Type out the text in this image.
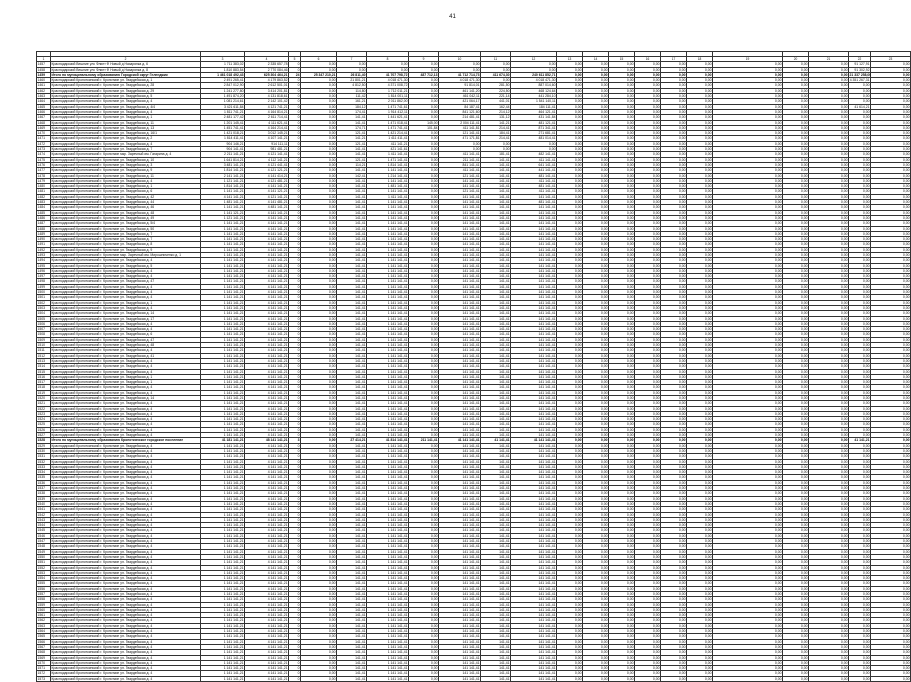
41

1	2	3	4	5	6	7	8	9	10	11	12	13	14	15	16	17	18	19	20	21	22	23	
1457	Краснодарский Вешние улс Флинт Ф Новый д Назарянка д. 6	1 711 383,02	2 335 657,78	0	0,00	0,00	0,00	0,00	0,00	0,00	0,00	0,00	0,00	0,00	0,00	0,00	0,00	0,00	0,00	0,00	91 127,91	0,00	
1458	Краснодарский Вешние улс Флинт Ф Новый д Назарянка д. 8	1 810 883,54	2 770 084,46	0	0,00	0,00	0,00	0,00	0,00	0,00	0,00	0,00	0,00	0,00	0,00	0,00	0,00	0,00	0,00	0,00	91 302,92	0,00	
1459	Итого по муниципальному образованию Городской округ Геленджик	1 461 018 492,43	625 304 464,21	24	25 347 210,21	26 811,40	41 707 798,72	487 712,13	41 712 714,73	411 674,30	240 611 852,71	0,00	0,00	0,00	0,00	0,00	0,00	0,00	0,00	0,00	21 337 258,00	0,00	
1460	Краснодарский Кропоткинский г. Кропоткин ул. Гвардейская д. 1	2 491 265,41	4 179 863,52	0	0,00	21 801,21	4 018 471,30	0,00	4 018 471,30	0,00	4 018 471,30	0,00	0,00	0,00	0,00	0,00	0,00	0,00	0,00	0,00	4 351 267,31	0,00	
1461	Краснодарский Кропоткинский г. Кропоткин ул. Гвардейская д. 28	2 847 012,90	2 612 501,01	0	0,00	4 812,50	4 371 008,72	0,00	91 814,01	281,50	887 014,60	0,00	0,00	0,00	0,00	0,00	0,00	0,00	0,00	0,00	0,00	0,00	
1462	Краснодарский Кропоткинский г. Кропоткин ул. Гвардейская д. 29	1 241 277,80	3 414 201,81	0	0,00	114,80	1 712 011,21	0,00	461 141,20	224,50	468 124,64	0,00	0,00	0,00	0,00	0,00	0,00	0,00	0,00	0,00	0,00	0,00	
1463	Краснодарский Кропоткинский г. Кропоткин ул. Гвардейская д. 5	1 491 874,20	4 131 818,61	0	0,00	111,42	1 814 001,11	0,00	461 042,11	221,14	441 284,10	0,00	0,00	0,00	0,00	0,00	0,00	0,00	0,00	0,00	0,00	0,00	
1464	Краснодарский Кропоткинский г. Кропоткин ул. Гвардейская д. 4	1 081 214,61	2 142 101,42	0	0,00	161,21	2 011 862,00	0,00	421 064,17	441,01	1 541 140,11	0,00	0,00	0,00	0,00	0,00	0,00	0,00	0,00	0,00	0,00	0,00	
1465	Краснодарский Кропоткинский г. Кропоткин ул. Гвардейская д. 4/4	3 421 611,84	4 121 741,21	0	0,00	184,12	1 471 741,61	0,00	84 187,41	162,44	184 111,41	0,00	0,00	0,00	0,00	0,00	0,00	0,00	0,00	0,00	41 614,21	0,00	
1466	Краснодарский Кропоткинский г. Кропоткин ул. Гвардейская д. 4	1 811 741,21	4 164 814,21	0	0,00	174,41	1 914 412,11	0,00	841 121,60	214,12	464 121,41	0,00	0,00	0,00	0,00	0,00	0,00	0,00	0,00	0,00	0,00	0,00	
1467	Краснодарский Кропоткинский г. Кропоткин ул. Гвардейская д. 1	2 481 177,42	2 611 714,41	0	0,00	141,41	1 441 621,41	0,00	214 481,41	131,12	431 141,84	0,00	0,00	0,00	0,00	0,00	0,00	0,00	0,00	0,00	0,00	0,00	
1468	Краснодарский Кропоткинский г. Кропоткин ул. Гвардейская д. 11	1 201 145,41	4 111 621,41	0	0,00	141,41	1 471 018,41	145,00	2 004 111,41	141,21	481 121,41	0,00	0,00	0,00	0,00	0,00	0,00	0,00	0,00	0,00	0,00	0,00	
1469	Краснодарский Кропоткинский г. Кропоткин ул. Гвардейская д. 13	1 451 741,41	4 164 214,41	0	0,00	174,71	1 471 741,41	101,84	411 141,81	214,41	871 341,41	0,00	0,00	0,00	0,00	0,00	0,00	0,00	0,00	0,00	0,00	0,00	
1470	Краснодарский Кропоткинский г. Кропоткин ул. Гвардейская д. 16/1	1 421 018,21	3 012 145,21	0	0,00	121,41	1 421 214,41	0,00	121 141,41	184,41	271 681,41	0,00	0,00	0,00	0,00	0,00	0,00	0,00	0,00	0,00	0,00	0,00	
1471	Краснодарский Кропоткинский г. Кропоткин ул. Гвардейская д. 2	1 814 411,41	4 107 141,21	0	0,00	141,21	1 411 411,41	0,00	471 171,81	214,41	481 014,41	0,00	0,00	0,00	0,00	0,00	0,00	0,00	0,00	0,00	0,00	0,00	
1472	Краснодарский Кропоткинский г. Кропоткин ул. Гвардейская д. 4	904 146,21	914 111,11	0	0,00	121,41	411 141,21	0,00	0,00	0,00	0,00	0,00	0,00	0,00	0,00	0,00	0,00	0,00	0,00	0,00	0,00	0,00	
1473	Краснодарский Кропоткинский г. Кропоткин ул. Гвардейская д. 7	904 141,41	981 481,21	0	0,00	141,41	421 141,61	0,00	0,00	0,00	0,00	0,00	0,00	0,00	0,00	0,00	0,00	0,00	0,00	0,00	0,00	0,00	
1474	Краснодарский Кропоткинский г. Кропоткин мкр. Заречный им. Гагарина д. 4	2 211 141,21	4 121 141,41	0	0,00	141,41	1 411 141,41	0,00	411 141,41	181,41	482 141,41	0,00	0,00	0,00	0,00	0,00	0,00	0,00	0,00	0,00	0,00	0,00	
1475	Краснодарский Кропоткинский г. Кропоткин ул. Гвардейская д. 10	1 641 814,21	4 112 141,21	0	0,00	121,41	1 471 141,41	0,00	211 141,41	141,41	411 141,41	0,00	0,00	0,00	0,00	0,00	0,00	0,00	0,00	0,00	0,00	0,00	
1476	Краснодарский Кропоткинский г. Кропоткин ул. Гвардейская д. 3	3 481 141,21	4 121 441,41	0	0,00	114,21	1 814 141,41	0,00	841 141,41	141,41	641 141,41	0,00	0,00	0,00	0,00	0,00	0,00	0,00	0,00	0,00	0,00	0,00	
1477	Краснодарский Кропоткинский г. Кропоткин ул. Гвардейская д. 9	1 814 141,21	4 121 121,21	0	0,00	141,41	1 141 141,41	0,00	411 141,41	141,41	441 141,41	0,00	0,00	0,00	0,00	0,00	0,00	0,00	0,00	0,00	0,00	0,00	
1478	Краснодарский Кропоткинский г. Кропоткин ул. Гвардейская д. 11	2 141 141,21	4 141 414,21	0	0,00	142,41	1 214 141,41	0,00	121 141,41	141,41	481 141,41	0,00	0,00	0,00	0,00	0,00	0,00	0,00	0,00	0,00	0,00	0,00	
1479	Краснодарский Кропоткинский г. Кропоткин ул. Гвардейская д. 4	1 121 141,21	4 121 481,21	0	0,00	141,41	1 141 141,41	0,00	141 141,41	141,41	411 141,41	0,00	0,00	0,00	0,00	0,00	0,00	0,00	0,00	0,00	0,00	0,00	
1480	Краснодарский Кропоткинский г. Кропоткин ул. Гвардейская д. 1	1 814 141,21	4 141 141,21	0	0,00	141,41	1 481 141,41	0,00	141 141,41	141,41	481 141,41	0,00	0,00	0,00	0,00	0,00	0,00	0,00	0,00	0,00	0,00	0,00	
1481	Краснодарский Кропоткинский г. Кропоткин ул. Гвардейская д. 6	1 141 141,21	4 141 121,21	0	0,00	141,41	1 141 141,41	0,00	121 141,41	141,41	411 141,41	0,00	0,00	0,00	0,00	0,00	0,00	0,00	0,00	0,00	0,00	0,00	
1482	Краснодарский Кропоткинский г. Кропоткин ул. Гвардейская д. 42	4 141 141,21	4 121 141,21	0	0,00	141,41	1 411 141,41	0,00	141 141,41	141,41	141 141,41	0,00	0,00	0,00	0,00	0,00	0,00	0,00	0,00	0,00	0,00	0,00	
1483	Краснодарский Кропоткинский г. Кропоткин ул. Гвардейская д. 44	1 481 141,21	4 141 481,21	0	0,00	141,41	1 141 141,41	0,00	141 141,41	141,41	481 141,41	0,00	0,00	0,00	0,00	0,00	0,00	0,00	0,00	0,00	0,00	0,00	
1484	Краснодарский Кропоткинский г. Кропоткин ул. Гвардейская д. 46	1 141 141,21	4 481 141,21	0	0,00	141,41	1 141 141,41	0,00	141 141,41	141,41	141 141,41	0,00	0,00	0,00	0,00	0,00	0,00	0,00	0,00	0,00	0,00	0,00	
1485	Краснодарский Кропоткинский г. Кропоткин ул. Гвардейская д. 48	1 141 121,21	4 141 141,21	0	0,00	141,41	1 141 141,41	0,00	141 141,41	141,41	141 141,41	0,00	0,00	0,00	0,00	0,00	0,00	0,00	0,00	0,00	0,00	0,00	
1486	Краснодарский Кропоткинский г. Кропоткин ул. Гвардейская д. 49	1 121 141,21	4 141 141,21	0	0,00	141,41	1 141 141,41	0,00	141 141,41	141,41	141 141,41	0,00	0,00	0,00	0,00	0,00	0,00	0,00	0,00	0,00	0,00	0,00	
1487	Краснодарский Кропоткинский г. Кропоткин ул. Гвардейская д. 5/4	1 141 141,21	4 141 141,21	0	0,00	141,41	1 141 141,41	0,00	141 141,41	141,41	141 141,41	0,00	0,00	0,00	0,00	0,00	0,00	0,00	0,00	0,00	0,00	0,00	
1488	Краснодарский Кропоткинский г. Кропоткин ул. Гвардейская д. 50	1 141 141,21	4 141 141,21	0	0,00	141,41	1 141 141,41	0,00	141 141,41	141,41	141 141,41	0,00	0,00	0,00	0,00	0,00	0,00	0,00	0,00	0,00	0,00	0,00	
1489	Краснодарский Кропоткинский г. Кропоткин ул. Гвардейская д. 7	1 141 141,21	4 141 141,21	0	0,00	141,41	1 141 141,41	0,00	141 141,41	141,41	141 141,41	0,00	0,00	0,00	0,00	0,00	0,00	0,00	0,00	0,00	0,00	0,00	
1490	Краснодарский Кропоткинский г. Кропоткин ул. Гвардейская д. 7	1 141 141,21	4 141 141,21	0	0,00	141,41	1 141 141,41	0,00	141 141,41	141,41	141 141,41	0,00	0,00	0,00	0,00	0,00	0,00	0,00	0,00	0,00	0,00	0,00	
1491	Краснодарский Кропоткинский г. Кропоткин ул. Гвардейская д. 8	1 141 141,21	4 141 141,21	0	0,00	141,41	1 141 141,41	0,00	141 141,41	141,41	141 141,41	0,00	0,00	0,00	0,00	0,00	0,00	0,00	0,00	0,00	0,00	0,00	
1492	Краснодарский Кропоткинский г. Кропоткин ул. Гвардейская д. 9	1 141 141,21	4 141 141,21	0	0,00	141,41	1 141 141,41	0,00	141 141,41	141,41	141 141,41	0,00	0,00	0,00	0,00	0,00	0,00	0,00	0,00	0,00	0,00	0,00	
1493	Краснодарский Кропоткинский г. Кропоткин мкр. Заречный им. Мирошниченко д. 1	1 141 141,21	4 141 141,21	0	0,00	141,41	1 141 141,41	0,00	141 141,41	141,41	141 141,41	0,00	0,00	0,00	0,00	0,00	0,00	0,00	0,00	0,00	0,00	0,00	
1494	Краснодарский Кропоткинский г. Кропоткин ул. Гвардейская д. 4	1 141 141,21	4 141 141,21	0	0,00	141,41	1 141 141,41	0,00	141 141,41	141,41	141 141,41	0,00	0,00	0,00	0,00	0,00	0,00	0,00	0,00	0,00	0,00	0,00	
1495	Краснодарский Кропоткинский г. Кропоткин ул. Гвардейская д. 5	1 141 141,21	4 141 141,21	0	0,00	141,41	1 141 141,41	0,00	141 141,41	141,41	141 141,41	0,00	0,00	0,00	0,00	0,00	0,00	0,00	0,00	0,00	0,00	0,00	
1496	Краснодарский Кропоткинский г. Кропоткин ул. Гвардейская д. 4	1 141 141,21	4 141 141,21	0	0,00	141,41	1 141 141,41	0,00	141 141,41	141,41	141 141,41	0,00	0,00	0,00	0,00	0,00	0,00	0,00	0,00	0,00	0,00	0,00	
1497	Краснодарский Кропоткинский г. Кропоткин ул. Гвардейская д. 4	1 141 141,21	4 141 141,21	0	0,00	141,41	1 141 141,41	0,00	141 141,41	141,41	141 141,41	0,00	0,00	0,00	0,00	0,00	0,00	0,00	0,00	0,00	0,00	0,00	
1498	Краснодарский Кропоткинский г. Кропоткин ул. Гвардейская д. 47	1 141 141,21	4 141 141,21	0	0,00	141,41	1 141 141,41	0,00	141 141,41	141,41	141 141,41	0,00	0,00	0,00	0,00	0,00	0,00	0,00	0,00	0,00	0,00	0,00	
1499	Краснодарский Кропоткинский г. Кропоткин ул. Гвардейская д. 4	1 141 141,21	4 141 141,21	0	0,00	141,41	1 141 141,41	0,00	141 141,41	141,41	141 141,41	0,00	0,00	0,00	0,00	0,00	0,00	0,00	0,00	0,00	0,00	0,00	
1500	Краснодарский Кропоткинский г. Кропоткин ул. Гвардейская д. 4	1 141 141,21	4 141 141,21	0	0,00	141,41	1 141 141,41	0,00	141 141,41	141,41	141 141,41	0,00	0,00	0,00	0,00	0,00	0,00	0,00	0,00	0,00	0,00	0,00	
1501	Краснодарский Кропоткинский г. Кропоткин ул. Гвардейская д. 4	1 141 141,21	4 141 141,21	0	0,00	141,41	1 141 141,41	0,00	141 141,41	141,41	141 141,41	0,00	0,00	0,00	0,00	0,00	0,00	0,00	0,00	0,00	0,00	0,00	
1502	Краснодарский Кропоткинский г. Кропоткин ул. Гвардейская д. 1	1 141 141,21	4 141 141,21	0	0,00	141,41	1 141 141,41	0,00	141 141,41	141,41	141 141,41	0,00	0,00	0,00	0,00	0,00	0,00	0,00	0,00	0,00	0,00	0,00	
1503	Краснодарский Кропоткинский г. Кропоткин ул. Гвардейская д. 4	1 141 141,21	4 141 141,21	0	0,00	141,41	1 141 141,41	0,00	141 141,41	141,41	141 141,41	0,00	0,00	0,00	0,00	0,00	0,00	0,00	0,00	0,00	0,00	0,00	
1504	Краснодарский Кропоткинский г. Кропоткин ул. Гвардейская д. 14	1 141 141,21	4 141 141,21	0	0,00	141,41	1 141 141,41	0,00	141 141,41	141,41	141 141,41	0,00	0,00	0,00	0,00	0,00	0,00	0,00	0,00	0,00	0,00	0,00	
1505	Краснодарский Кропоткинский г. Кропоткин ул. Гвардейская д. 17	1 141 141,21	4 141 141,21	0	0,00	141,41	1 141 141,41	0,00	141 141,41	141,41	141 141,41	0,00	0,00	0,00	0,00	0,00	0,00	0,00	0,00	0,00	0,00	0,00	
1506	Краснодарский Кропоткинский г. Кропоткин ул. Гвардейская д. 4	1 141 141,21	4 141 141,21	0	0,00	141,41	1 141 141,41	0,00	141 141,41	141,41	141 141,41	0,00	0,00	0,00	0,00	0,00	0,00	0,00	0,00	0,00	0,00	0,00	
1507	Краснодарский Кропоткинский г. Кропоткин ул. Гвардейская д. 4	1 141 141,21	4 141 141,21	0	0,00	141,41	1 141 141,41	0,00	141 141,41	141,41	141 141,41	0,00	0,00	0,00	0,00	0,00	0,00	0,00	0,00	0,00	0,00	0,00	
1508	Краснодарский Кропоткинский г. Кропоткин ул. Гвардейская д. 6	1 141 141,21	4 141 141,21	0	0,00	141,41	1 141 141,41	0,00	141 141,41	141,41	141 141,41	0,00	0,00	0,00	0,00	0,00	0,00	0,00	0,00	0,00	0,00	0,00	
1509	Краснодарский Кропоткинский г. Кропоткин ул. Гвардейская д. 47	1 141 141,21	4 141 141,21	0	0,00	141,41	1 141 141,41	0,00	141 141,41	141,41	141 141,41	0,00	0,00	0,00	0,00	0,00	0,00	0,00	0,00	0,00	0,00	0,00	
1510	Краснодарский Кропоткинский г. Кропоткин ул. Гвардейская д. 48	1 141 141,21	4 141 141,21	0	0,00	141,41	1 141 141,41	0,00	141 141,41	141,41	141 141,41	0,00	0,00	0,00	0,00	0,00	0,00	0,00	0,00	0,00	0,00	0,00	
1511	Краснодарский Кропоткинский г. Кропоткин ул. Гвардейская д. 4	1 141 141,21	4 141 141,21	0	0,00	141,41	1 141 141,41	0,00	141 141,41	141,41	141 141,41	0,00	0,00	0,00	0,00	0,00	0,00	0,00	0,00	0,00	0,00	0,00	
1512	Краснодарский Кропоткинский г. Кропоткин ул. Гвардейская д. 41	1 141 141,21	4 141 141,21	0	0,00	141,41	1 141 141,41	0,00	141 141,41	141,41	141 141,41	0,00	0,00	0,00	0,00	0,00	0,00	0,00	0,00	0,00	0,00	0,00	
1513	Краснодарский Кропоткинский г. Кропоткин ул. Гвардейская д. 4	1 141 141,21	4 141 141,21	0	0,00	141,41	1 141 141,41	0,00	141 141,41	141,41	141 141,41	0,00	0,00	0,00	0,00	0,00	0,00	0,00	0,00	0,00	0,00	0,00	
1514	Краснодарский Кропоткинский г. Кропоткин ул. Гвардейская д. 4	1 141 141,21	4 141 141,21	0	0,00	141,41	1 141 141,41	0,00	141 141,41	141,41	141 141,41	0,00	0,00	0,00	0,00	0,00	0,00	0,00	0,00	0,00	0,00	0,00	
1515	Краснодарский Кропоткинский г. Кропоткин ул. Гвардейская д. 4	1 141 141,21	4 141 141,21	0	0,00	141,41	1 141 141,41	0,00	141 141,41	141,41	141 141,41	0,00	0,00	0,00	0,00	0,00	0,00	0,00	0,00	0,00	0,00	0,00	
1516	Краснодарский Кропоткинский г. Кропоткин ул. Гвардейская д. 1	1 141 141,21	4 141 141,21	0	0,00	141,41	1 141 141,41	0,00	141 141,41	141,41	141 141,41	0,00	0,00	0,00	0,00	0,00	0,00	0,00	0,00	0,00	0,00	0,00	
1517	Краснодарский Кропоткинский г. Кропоткин ул. Гвардейская д. 1	1 141 141,21	4 141 141,21	0	0,00	141,41	1 141 141,41	0,00	141 141,41	141,41	141 141,41	0,00	0,00	0,00	0,00	0,00	0,00	0,00	0,00	0,00	0,00	0,00	
1518	Краснодарский Кропоткинский г. Кропоткин ул. Гвардейская д. 4	1 141 141,21	4 141 141,21	0	0,00	141,41	1 141 141,41	0,00	141 141,41	141,41	141 141,41	0,00	0,00	0,00	0,00	0,00	0,00	0,00	0,00	0,00	0,00	0,00	
1519	Краснодарский Кропоткинский г. Кропоткин ул. Гвардейская д. 4	1 141 141,21	4 141 141,21	0	0,00	141,41	1 141 141,41	0,00	141 141,41	141,41	141 141,41	0,00	0,00	0,00	0,00	0,00	0,00	0,00	0,00	0,00	0,00	0,00	
1520	Краснодарский Кропоткинский г. Кропоткин ул. Гвардейская д. 14	1 141 141,21	4 141 141,21	0	0,00	141,41	1 141 141,41	0,00	141 141,41	141,41	141 141,41	0,00	0,00	0,00	0,00	0,00	0,00	0,00	0,00	0,00	0,00	0,00	
1521	Краснодарский Кропоткинский г. Кропоткин ул. Гвардейская д. 4	1 141 141,21	4 141 141,21	0	0,00	141,41	1 141 141,41	0,00	141 141,41	141,41	141 141,41	0,00	0,00	0,00	0,00	0,00	0,00	0,00	0,00	0,00	0,00	0,00	
1522	Краснодарский Кропоткинский г. Кропоткин ул. Гвардейская д. 4	1 141 141,21	4 141 141,21	0	0,00	141,41	1 141 141,41	0,00	141 141,41	141,41	141 141,41	0,00	0,00	0,00	0,00	0,00	0,00	0,00	0,00	0,00	0,00	0,00	
1523	Краснодарский Кропоткинский г. Кропоткин ул. Гвардейская д. 4	1 141 141,21	4 141 141,21	0	0,00	141,41	1 141 141,41	0,00	141 141,41	141,41	141 141,41	0,00	0,00	0,00	0,00	0,00	0,00	0,00	0,00	0,00	0,00	0,00	
1524	Краснодарский Кропоткинский г. Кропоткин ул. Гвардейская д. 4	1 141 141,21	4 141 141,21	0	0,00	141,41	1 141 141,41	0,00	141 141,41	141,41	141 141,41	0,00	0,00	0,00	0,00	0,00	0,00	0,00	0,00	0,00	0,00	0,00	
1525	Краснодарский Кропоткинский г. Кропоткин ул. Гвардейская д. 4	1 141 141,21	4 141 141,21	0	0,00	141,41	1 141 141,41	0,00	141 141,41	141,41	141 141,41	0,00	0,00	0,00	0,00	0,00	0,00	0,00	0,00	0,00	0,00	0,00	
1526	Краснодарский Кропоткинский г. Кропоткин ул. Гвардейская д. 4	1 141 141,21	4 141 141,21	0	0,00	141,41	1 141 141,41	0,00	141 141,41	141,41	141 141,41	0,00	0,00	0,00	0,00	0,00	0,00	0,00	0,00	0,00	0,00	0,00	
1527	Краснодарский Кропоткинский г. Кропоткин ул. Гвардейская д. 4	1 141 141,21	4 141 141,21	0	0,00	141,41	1 141 141,41	0,00	141 141,41	141,41	141 141,41	0,00	0,00	0,00	0,00	0,00	0,00	0,00	0,00	0,00	0,00	0,00	
1528	Итого по муниципальному образованию Кропоткинское городское поселение	41 181 141,21	48 141 141,21	3	0,00	27 414,21	41 814 141,41	211 141,41	41 141 141,41	41 141,41	41 141 141,41	0,00	0,00	0,00	0,00	0,00	0,00	0,00	0,00	0,00	41 141,21	0,00	
1529	Краснодарский Кропоткинский г. Кропоткин ул. Гвардейская д. 4	1 141 141,21	4 141 141,21	0	0,00	141,41	1 141 141,41	0,00	141 141,41	141,41	141 141,41	0,00	0,00	0,00	0,00	0,00	0,00	0,00	0,00	0,00	0,00	0,00	
1530	Краснодарский Кропоткинский г. Кропоткин ул. Гвардейская д. 4	1 141 141,21	4 141 141,21	0	0,00	141,41	1 141 141,41	0,00	141 141,41	141,41	141 141,41	0,00	0,00	0,00	0,00	0,00	0,00	0,00	0,00	0,00	0,00	0,00	
1531	Краснодарский Кропоткинский г. Кропоткин ул. Гвардейская д. 4	1 141 141,21	4 141 141,21	0	0,00	141,41	1 141 141,41	0,00	141 141,41	141,41	141 141,41	0,00	0,00	0,00	0,00	0,00	0,00	0,00	0,00	0,00	0,00	0,00	
1532	Краснодарский Кропоткинский г. Кропоткин ул. Гвардейская д. 4	1 141 141,21	4 141 141,21	0	0,00	141,41	1 141 141,41	0,00	141 141,41	141,41	141 141,41	0,00	0,00	0,00	0,00	0,00	0,00	0,00	0,00	0,00	0,00	0,00	
1533	Краснодарский Кропоткинский г. Кропоткин ул. Гвардейская д. 4	1 141 141,21	4 141 141,21	0	0,00	141,41	1 141 141,41	0,00	141 141,41	141,41	141 141,41	0,00	0,00	0,00	0,00	0,00	0,00	0,00	0,00	0,00	0,00	0,00	
1534	Краснодарский Кропоткинский г. Кропоткин ул. Гвардейская д. 4	1 141 141,21	4 141 141,21	0	0,00	141,41	1 141 141,41	0,00	141 141,41	141,41	141 141,41	0,00	0,00	0,00	0,00	0,00	0,00	0,00	0,00	0,00	0,00	0,00	
1535	Краснодарский Кропоткинский г. Кропоткин ул. Гвардейская д. 4	1 141 141,21	4 141 141,21	0	0,00	141,41	1 141 141,41	0,00	141 141,41	141,41	141 141,41	0,00	0,00	0,00	0,00	0,00	0,00	0,00	0,00	0,00	0,00	0,00	
1536	Краснодарский Кропоткинский г. Кропоткин ул. Гвардейская д. 4	1 141 141,21	4 141 141,21	0	0,00	141,41	1 141 141,41	0,00	141 141,41	141,41	141 141,41	0,00	0,00	0,00	0,00	0,00	0,00	0,00	0,00	0,00	0,00	0,00	
1537	Краснодарский Кропоткинский г. Кропоткин ул. Гвардейская д. 4	1 141 141,21	4 141 141,21	0	0,00	141,41	1 141 141,41	0,00	141 141,41	141,41	141 141,41	0,00	0,00	0,00	0,00	0,00	0,00	0,00	0,00	0,00	0,00	0,00	
1538	Краснодарский Кропоткинский г. Кропоткин ул. Гвардейская д. 4	1 141 141,21	4 141 141,21	0	0,00	141,41	1 141 141,41	0,00	141 141,41	141,41	141 141,41	0,00	0,00	0,00	0,00	0,00	0,00	0,00	0,00	0,00	0,00	0,00	
1539	Краснодарский Кропоткинский г. Кропоткин ул. Гвардейская д. 4	1 141 141,21	4 141 141,21	0	0,00	141,41	1 141 141,41	0,00	141 141,41	141,41	141 141,41	0,00	0,00	0,00	0,00	0,00	0,00	0,00	0,00	0,00	0,00	0,00	
1540	Краснодарский Кропоткинский г. Кропоткин ул. Гвардейская д. 4	1 141 141,21	4 141 141,21	0	0,00	141,41	1 141 141,41	0,00	141 141,41	141,41	141 141,41	0,00	0,00	0,00	0,00	0,00	0,00	0,00	0,00	0,00	0,00	0,00	
1541	Краснодарский Кропоткинский г. Кропоткин ул. Гвардейская д. 4	1 141 141,21	4 141 141,21	0	0,00	141,41	1 141 141,41	0,00	141 141,41	141,41	141 141,41	0,00	0,00	0,00	0,00	0,00	0,00	0,00	0,00	0,00	0,00	0,00	
1542	Краснодарский Кропоткинский г. Кропоткин ул. Гвардейская д. 4	1 141 141,21	4 141 141,21	0	0,00	141,41	1 141 141,41	0,00	141 141,41	141,41	141 141,41	0,00	0,00	0,00	0,00	0,00	0,00	0,00	0,00	0,00	0,00	0,00	
1543	Краснодарский Кропоткинский г. Кропоткин ул. Гвардейская д. 4	1 141 141,21	4 141 141,21	0	0,00	141,41	1 141 141,41	0,00	141 141,41	141,41	141 141,41	0,00	0,00	0,00	0,00	0,00	0,00	0,00	0,00	0,00	0,00	0,00	
1544	Краснодарский Кропоткинский г. Кропоткин ул. Гвардейская д. 4	1 141 141,21	4 141 141,21	0	0,00	141,41	1 141 141,41	0,00	141 141,41	141,41	141 141,41	0,00	0,00	0,00	0,00	0,00	0,00	0,00	0,00	0,00	0,00	0,00	
1545	Краснодарский Кропоткинский г. Кропоткин ул. Гвардейская д. 4	1 141 141,21	4 141 141,21	0	0,00	141,41	1 141 141,41	0,00	141 141,41	141,41	141 141,41	0,00	0,00	0,00	0,00	0,00	0,00	0,00	0,00	0,00	0,00	0,00	
1546	Краснодарский Кропоткинский г. Кропоткин ул. Гвардейская д. 4	1 141 141,21	4 141 141,21	0	0,00	141,41	1 141 141,41	0,00	141 141,41	141,41	141 141,41	0,00	0,00	0,00	0,00	0,00	0,00	0,00	0,00	0,00	0,00	0,00	
1547	Краснодарский Кропоткинский г. Кропоткин ул. Гвардейская д. 4	1 141 141,21	4 141 141,21	0	0,00	141,41	1 141 141,41	0,00	141 141,41	141,41	141 141,41	0,00	0,00	0,00	0,00	0,00	0,00	0,00	0,00	0,00	0,00	0,00	
1548	Краснодарский Кропоткинский г. Кропоткин ул. Гвардейская д. 4	1 141 141,21	4 141 141,21	0	0,00	141,41	1 141 141,41	0,00	141 141,41	141,41	141 141,41	0,00	0,00	0,00	0,00	0,00	0,00	0,00	0,00	0,00	0,00	0,00	
1549	Краснодарский Кропоткинский г. Кропоткин ул. Гвардейская д. 4	1 141 141,21	4 141 141,21	0	0,00	141,41	1 141 141,41	0,00	141 141,41	141,41	141 141,41	0,00	0,00	0,00	0,00	0,00	0,00	0,00	0,00	0,00	0,00	0,00	
1550	Краснодарский Кропоткинский г. Кропоткин ул. Гвардейская д. 4	1 141 141,21	4 141 141,21	0	0,00	141,41	1 141 141,41	0,00	141 141,41	141,41	141 141,41	0,00	0,00	0,00	0,00	0,00	0,00	0,00	0,00	0,00	0,00	0,00	
1551	Краснодарский Кропоткинский г. Кропоткин ул. Гвардейская д. 4	1 141 141,21	4 141 141,21	0	0,00	141,41	1 141 141,41	0,00	141 141,41	141,41	141 141,41	0,00	0,00	0,00	0,00	0,00	0,00	0,00	0,00	0,00	0,00	0,00	
1552	Краснодарский Кропоткинский г. Кропоткин ул. Гвардейская д. 4	1 141 141,21	4 141 141,21	0	0,00	141,41	1 141 141,41	0,00	141 141,41	141,41	141 141,41	0,00	0,00	0,00	0,00	0,00	0,00	0,00	0,00	0,00	0,00	0,00	
1553	Краснодарский Кропоткинский г. Кропоткин ул. Гвардейская д. 4	1 141 141,21	4 141 141,21	0	0,00	141,41	1 141 141,41	0,00	141 141,41	141,41	141 141,41	0,00	0,00	0,00	0,00	0,00	0,00	0,00	0,00	0,00	0,00	0,00	
1554	Краснодарский Кропоткинский г. Кропоткин ул. Гвардейская д. 4	1 141 141,21	4 141 141,21	0	0,00	141,41	1 141 141,41	0,00	141 141,41	141,41	141 141,41	0,00	0,00	0,00	0,00	0,00	0,00	0,00	0,00	0,00	0,00	0,00	
1555	Краснодарский Кропоткинский г. Кропоткин ул. Гвардейская д. 4	1 141 141,21	4 141 141,21	0	0,00	141,41	1 141 141,41	0,00	141 141,41	141,41	141 141,41	0,00	0,00	0,00	0,00	0,00	0,00	0,00	0,00	0,00	0,00	0,00	
1556	Краснодарский Кропоткинский г. Кропоткин ул. Гвардейская д. 4	1 141 141,21	4 141 141,21	0	0,00	141,41	1 141 141,41	0,00	141 141,41	141,41	141 141,41	0,00	0,00	0,00	0,00	0,00	0,00	0,00	0,00	0,00	0,00	0,00	
1557	Краснодарский Кропоткинский г. Кропоткин ул. Гвардейская д. 4	1 141 141,21	4 141 141,21	0	0,00	141,41	1 141 141,41	0,00	141 141,41	141,41	141 141,41	0,00	0,00	0,00	0,00	0,00	0,00	0,00	0,00	0,00	0,00	0,00	
1558	Краснодарский Кропоткинский г. Кропоткин ул. Гвардейская д. 4	1 141 141,21	4 141 141,21	0	0,00	141,41	1 141 141,41	0,00	141 141,41	141,41	141 141,41	0,00	0,00	0,00	0,00	0,00	0,00	0,00	0,00	0,00	0,00	0,00	
1559	Краснодарский Кропоткинский г. Кропоткин ул. Гвардейская д. 4	1 141 141,21	4 141 141,21	0	0,00	141,41	1 141 141,41	0,00	141 141,41	141,41	141 141,41	0,00	0,00	0,00	0,00	0,00	0,00	0,00	0,00	0,00	0,00	0,00	
1560	Краснодарский Кропоткинский г. Кропоткин ул. Гвардейская д. 4	1 141 141,21	4 141 141,21	0	0,00	141,41	1 141 141,41	0,00	141 141,41	141,41	141 141,41	0,00	0,00	0,00	0,00	0,00	0,00	0,00	0,00	0,00	0,00	0,00	
1561	Краснодарский Кропоткинский г. Кропоткин ул. Гвардейская д. 4	1 141 141,21	4 141 141,21	0	0,00	141,41	1 141 141,41	0,00	141 141,41	141,41	141 141,41	0,00	0,00	0,00	0,00	0,00	0,00	0,00	0,00	0,00	0,00	0,00	
1562	Краснодарский Кропоткинский г. Кропоткин ул. Гвардейская д. 4	1 141 141,21	4 141 141,21	0	0,00	141,41	1 141 141,41	0,00	141 141,41	141,41	141 141,41	0,00	0,00	0,00	0,00	0,00	0,00	0,00	0,00	0,00	0,00	0,00	
1563	Краснодарский Кропоткинский г. Кропоткин ул. Гвардейская д. 4	1 141 141,21	4 141 141,21	0	0,00	141,41	1 141 141,41	0,00	141 141,41	141,41	141 141,41	0,00	0,00	0,00	0,00	0,00	0,00	0,00	0,00	0,00	0,00	0,00	
1564	Краснодарский Кропоткинский г. Кропоткин ул. Гвардейская д. 4	1 141 141,21	4 141 141,21	0	0,00	141,41	1 141 141,41	0,00	141 141,41	141,41	141 141,41	0,00	0,00	0,00	0,00	0,00	0,00	0,00	0,00	0,00	0,00	0,00	
1565	Краснодарский Кропоткинский г. Кропоткин ул. Гвардейская д. 4	1 141 141,21	4 141 141,21	0	0,00	141,41	1 141 141,41	0,00	141 141,41	141,41	141 141,41	0,00	0,00	0,00	0,00	0,00	0,00	0,00	0,00	0,00	0,00	0,00	
1566	Краснодарский Кропоткинский г. Кропоткин ул. Гвардейская д. 4	1 141 141,21	4 141 141,21	0	0,00	141,41	1 141 141,41	0,00	141 141,41	141,41	141 141,41	0,00	0,00	0,00	0,00	0,00	0,00	0,00	0,00	0,00	0,00	0,00	
1567	Краснодарский Кропоткинский г. Кропоткин ул. Гвардейская д. 4	1 141 141,21	4 141 141,21	0	0,00	141,41	1 141 141,41	0,00	141 141,41	141,41	141 141,41	0,00	0,00	0,00	0,00	0,00	0,00	0,00	0,00	0,00	0,00	0,00	
1568	Краснодарский Кропоткинский г. Кропоткин ул. Гвардейская д. 4	1 141 141,21	4 141 141,21	0	0,00	141,41	1 141 141,41	0,00	141 141,41	141,41	141 141,41	0,00	0,00	0,00	0,00	0,00	0,00	0,00	0,00	0,00	0,00	0,00	
1569	Краснодарский Кропоткинский г. Кропоткин ул. Гвардейская д. 4	1 141 141,21	4 141 141,21	0	0,00	141,41	1 141 141,41	0,00	141 141,41	141,41	141 141,41	0,00	0,00	0,00	0,00	0,00	0,00	0,00	0,00	0,00	0,00	0,00	
1570	Краснодарский Кропоткинский г. Кропоткин ул. Гвардейская д. 4	1 141 141,21	4 141 141,21	0	0,00	141,41	1 141 141,41	0,00	141 141,41	141,41	141 141,41	0,00	0,00	0,00	0,00	0,00	0,00	0,00	0,00	0,00	0,00	0,00	
1571	Краснодарский Кропоткинский г. Кропоткин ул. Гвардейская д. 4	1 141 141,21	4 141 141,21	0	0,00	141,41	1 141 141,41	0,00	141 141,41	141,41	141 141,41	0,00	0,00	0,00	0,00	0,00	0,00	0,00	0,00	0,00	0,00	0,00	
1572	Краснодарский Кропоткинский г. Кропоткин ул. Гвардейская д. 4	1 141 141,21	4 141 141,21	0	0,00	141,41	1 141 141,41	0,00	141 141,41	141,41	141 141,41	0,00	0,00	0,00	0,00	0,00	0,00	0,00	0,00	0,00	0,00	0,00	
1573	Краснодарский Кропоткинский г. Кропоткин ул. Гвардейская д. 4	1 141 141,21	4 141 141,21	0	0,00	141,41	1 141 141,41	0,00	141 141,41	141,41	141 141,41	0,00	0,00	0,00	0,00	0,00	0,00	0,00	0,00	0,00	0,00	0,00	
